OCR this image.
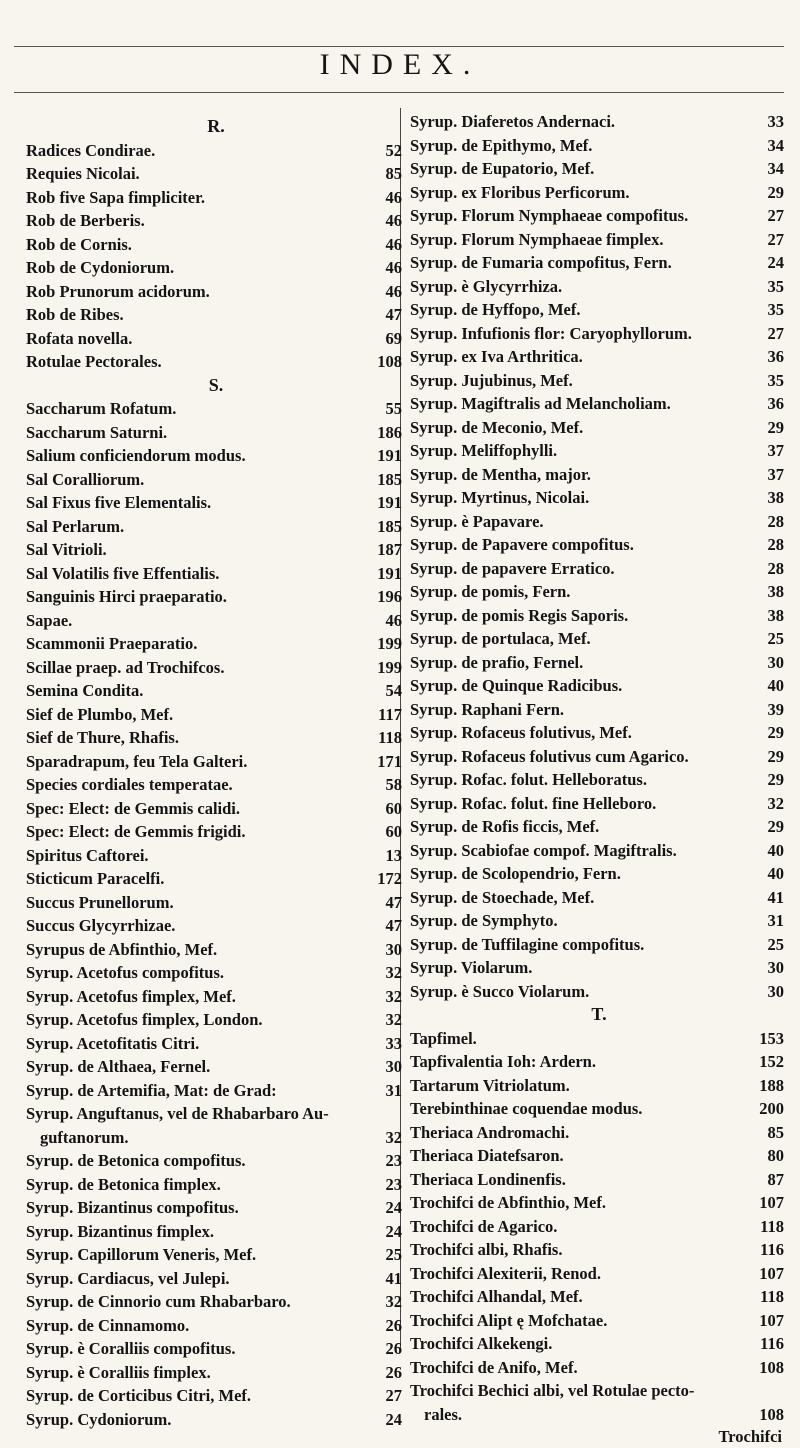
INDEX.
R.
Radices Condirae.	52
Requies Nicolai.	85
Rob five Sapa fimpliciter.	46
Rob de Berberis.	46
Rob de Cornis.	46
Rob de Cydoniorum.	46
Rob Prunorum acidorum.	46
Rob de Ribes.	47
Rofata novella.	69
Rotulae Pectorales.	108
S.
Saccharum Rofatum.	55
Saccharum Saturni.	186
Salium conficiendorum modus.	191
Sal Coralliorum.	185
Sal Fixus five Elementalis.	191
Sal Perlarum.	185
Sal Vitrioli.	187
Sal Volatilis five Effentialis.	191
Sanguinis Hirci praeparatio.	196
Sapae.	46
Scammonii Praeparatio.	199
Scillae praep. ad Trochifcos.	199
Semina Condita.	54
Sief de Plumbo, Mef.	117
Sief de Thure, Rhafis.	118
Sparadrapum, feu Tela Galteri.	171
Species cordiales temperatae.	58
Spec: Elect: de Gemmis calidi.	60
Spec: Elect: de Gemmis frigidi.	60
Spiritus Caftorei.	13
Sticticum Paracelfi.	172
Succus Prunellorum.	47
Succus Glycyrrhizae.	47
Syrupus de Abfinthio, Mef.	30
Syrup. Acetofus compofitus.	32
Syrup. Acetofus fimplex, Mef.	32
Syrup. Acetofus fimplex, London.	32
Syrup. Acetofitatis Citri.	33
Syrup. de Althaea, Fernel.	30
Syrup. de Artemifia, Mat: de Grad:	31
Syrup. Anguftanus, vel de Rhabarbaro Au-
guftanorum.	32
Syrup. de Betonica compofitus.	23
Syrup. de Betonica fimplex.	23
Syrup. Bizantinus compofitus.	24
Syrup. Bizantinus fimplex.	24
Syrup. Capillorum Veneris, Mef.	25
Syrup. Cardiacus, vel Julepi.	41
Syrup. de Cinnorio cum Rhabarbaro.	32
Syrup. de Cinnamomo.	26
Syrup. è Coralliis compofitus.	26
Syrup. è Coralliis fimplex.	26
Syrup. de Corticibus Citri, Mef.	27
Syrup. Cydoniorum.	24
Syrup. Diaferetos Andernaci.	33
Syrup. de Epithymo, Mef.	34
Syrup. de Eupatorio, Mef.	34
Syrup. ex Floribus Perficorum.	29
Syrup. Florum Nymphaeae compofitus.	27
Syrup. Florum Nymphaeae fimplex.	27
Syrup. de Fumaria compofitus, Fern.	24
Syrup. è Glycyrrhiza.	35
Syrup. de Hyffopo, Mef.	35
Syrup. Infufionis flor: Caryophyllorum.	27
Syrup. ex Iva Arthritica.	36
Syrup. Jujubinus, Mef.	35
Syrup. Magiftralis ad Melancholiam.	36
Syrup. de Meconio, Mef.	29
Syrup. Meliffophylli.	37
Syrup. de Mentha, major.	37
Syrup. Myrtinus, Nicolai.	38
Syrup. è Papavare.	28
Syrup. de Papavere compofitus.	28
Syrup. de papavere Erratico.	28
Syrup. de pomis, Fern.	38
Syrup. de pomis Regis Saporis.	38
Syrup. de portulaca, Mef.	25
Syrup. de prafio, Fernel.	30
Syrup. de Quinque Radicibus.	40
Syrup. Raphani Fern.	39
Syrup. Rofaceus folutivus, Mef.	29
Syrup. Rofaceus folutivus cum Agarico.	29
Syrup. Rofac. folut. Helleboratus.	29
Syrup. Rofac. folut. fine Helleboro.	32
Syrup. de Rofis ficcis, Mef.	29
Syrup. Scabiofae compof. Magiftralis.	40
Syrup. de Scolopendrio, Fern.	40
Syrup. de Stoechade, Mef.	41
Syrup. de Symphyto.	31
Syrup. de Tuffilagine compofitus.	25
Syrup. Violarum.	30
Syrup. è Succo Violarum.	30
T.
Tapfimel.	153
Tapfivalentia Ioh: Ardern.	152
Tartarum Vitriolatum.	188
Terebinthinae coquendae modus.	200
Theriaca Andromachi.	85
Theriaca Diatefsaron.	80
Theriaca Londinenfis.	87
Trochifci de Abfinthio, Mef.	107
Trochifci de Agarico.	118
Trochifci albi, Rhafis.	116
Trochifci Alexiterii, Renod.	107
Trochifci Alhandal, Mef.	118
Trochifci Alipt ę Mofchatae.	107
Trochifci Alkekengi.	116
Trochifci de Anifo, Mef.	108
Trochifci Bechici albi, vel Rotulae pecto-
rales.	108
Trochifci
